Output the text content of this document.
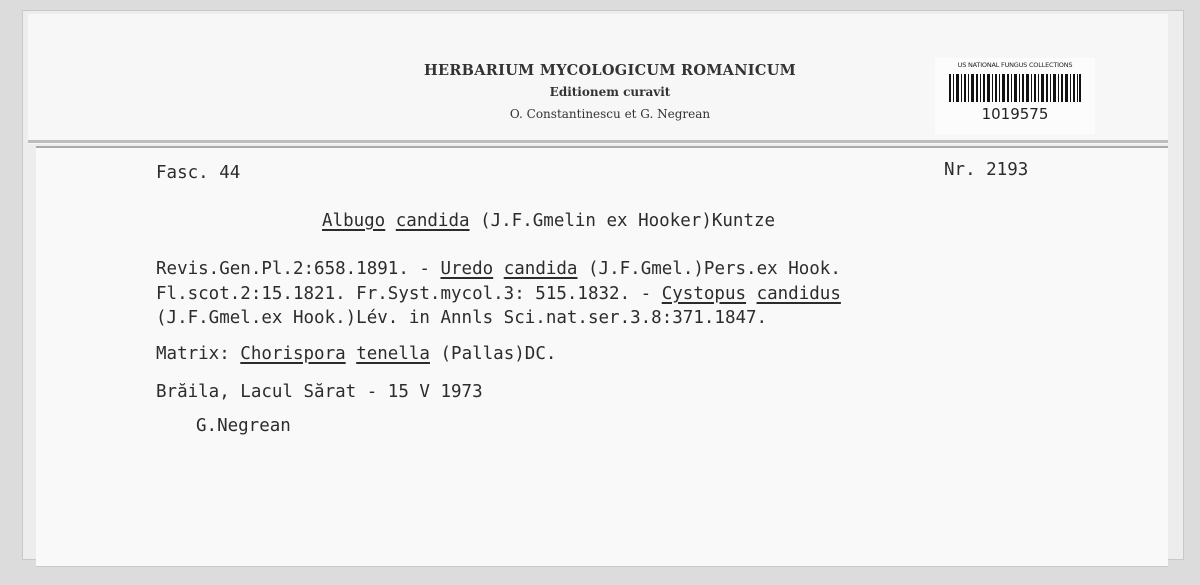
HERBARIUM MYCOLOGICUM ROMANICUM
Editionem curavit
O. Constantinescu et G. Negrean
US NATIONAL FUNGUS COLLECTIONS
1019575
Fasc. 44	Nr. 2193
Albugo candida (J.F.Gmelin ex Hooker)Kuntze
Revis.Gen.Pl.2:658.1891. - Uredo candida (J.F.Gmel.)Pers.ex Hook.
Fl.scot.2:15.1821. Fr.Syst.mycol.3: 515.1832. - Cystopus candidus
(J.F.Gmel.ex Hook.)Lév. in Annls Sci.nat.ser.3.8:371.1847.
Matrix: Chorispora tenella (Pallas)DC.
Brăila, Lacul Sărat - 15 V 1973
G.Negrean
